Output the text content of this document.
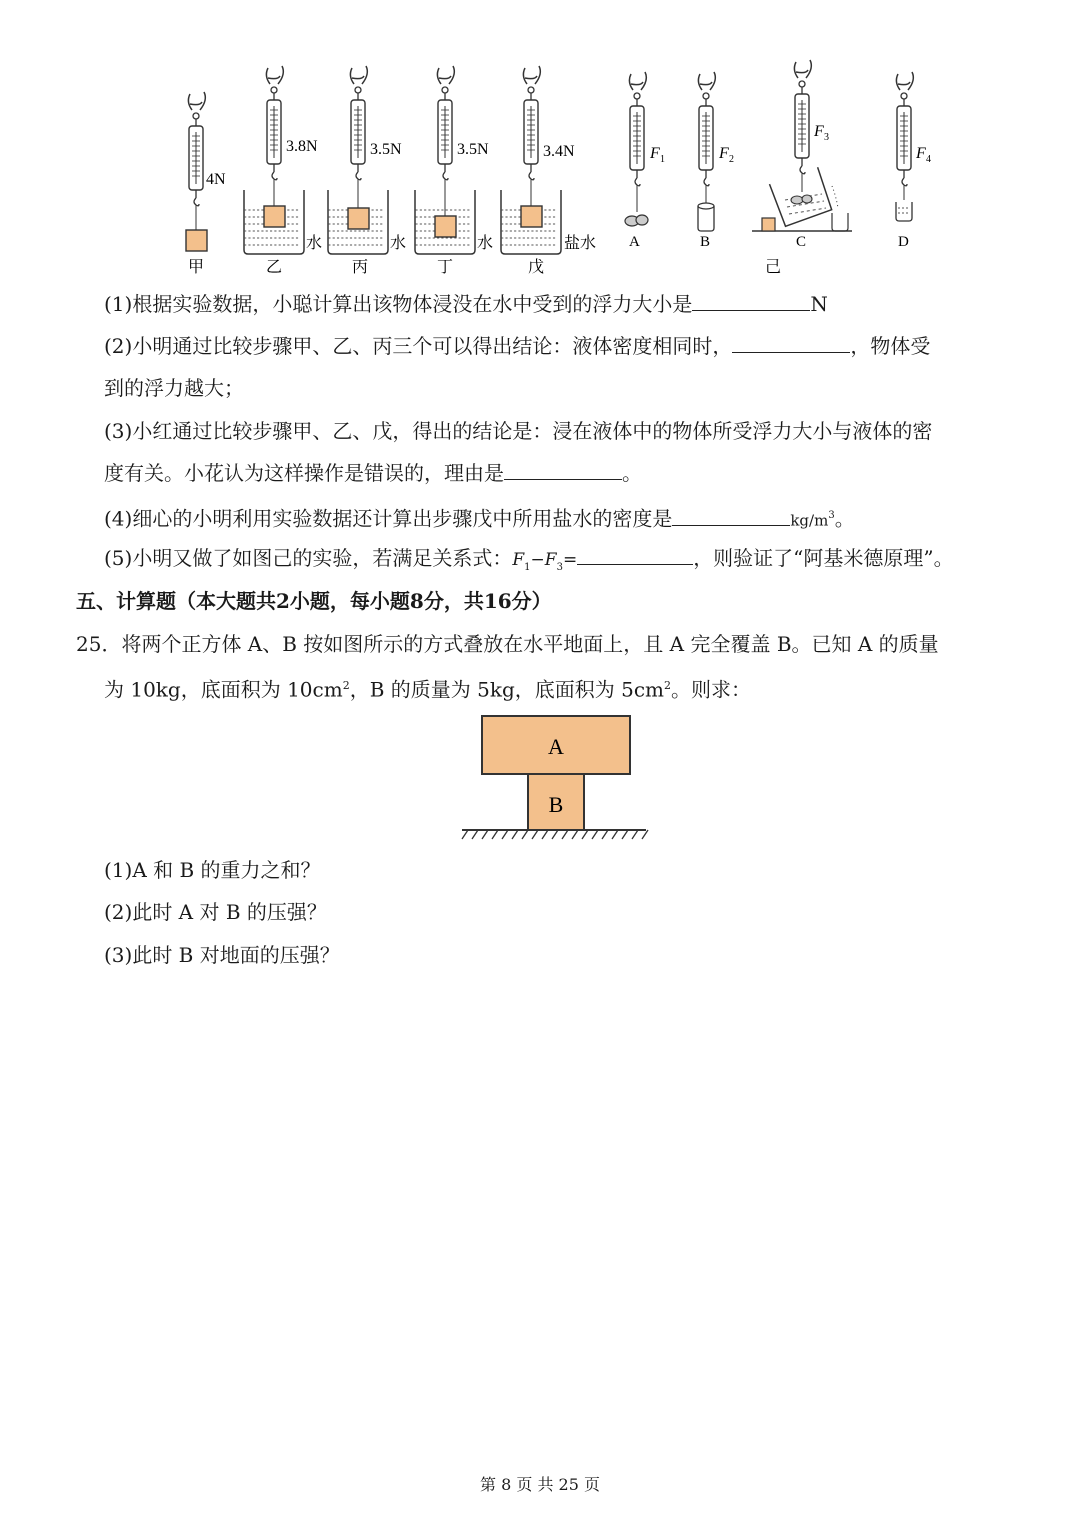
4N
3.8N	3.5N	3.5N	3.4N
水	水	水	盐水
甲	乙	丙	丁	戊	己
F 1	F 2
F 3
F 4
A	B	C	D
(1)根据实验数据，小聪计算出该物体浸没在水中受到的浮力大小是	N
(2)小明通过比较步骤甲、乙、丙三个可以得出结论：液体密度相同时，	，物体受
到的浮力越大；
(3)小红通过比较步骤甲、乙、戊，得出的结论是：浸在液体中的物体所受浮力大小与液体的密
度有关。小花认为这样操作是错误的，理由是	。
(4)细心的小明利用实验数据还计算出步骤戊中所用盐水的密度是	$kg/m^3$。
(5)小明又做了如图己的实验，若满足关系式：$F_1-F_3=$	，则验证了“阿基米德原理”。
五、计算题（本大题共2小题，每小题8分，共16分）
25．将两个正方体 A、B 按如图所示的方式叠放在水平地面上，且 A 完全覆盖 B。已知 A 的质量
为 10kg，底面积为 $10cm^2$，B 的质量为 5kg，底面积为 $5cm^2$。则求：
A
B
(1)A 和 B 的重力之和？
(2)此时 A 对 B 的压强？
(3)此时 B 对地面的压强？
第 8 页 共 25 页
